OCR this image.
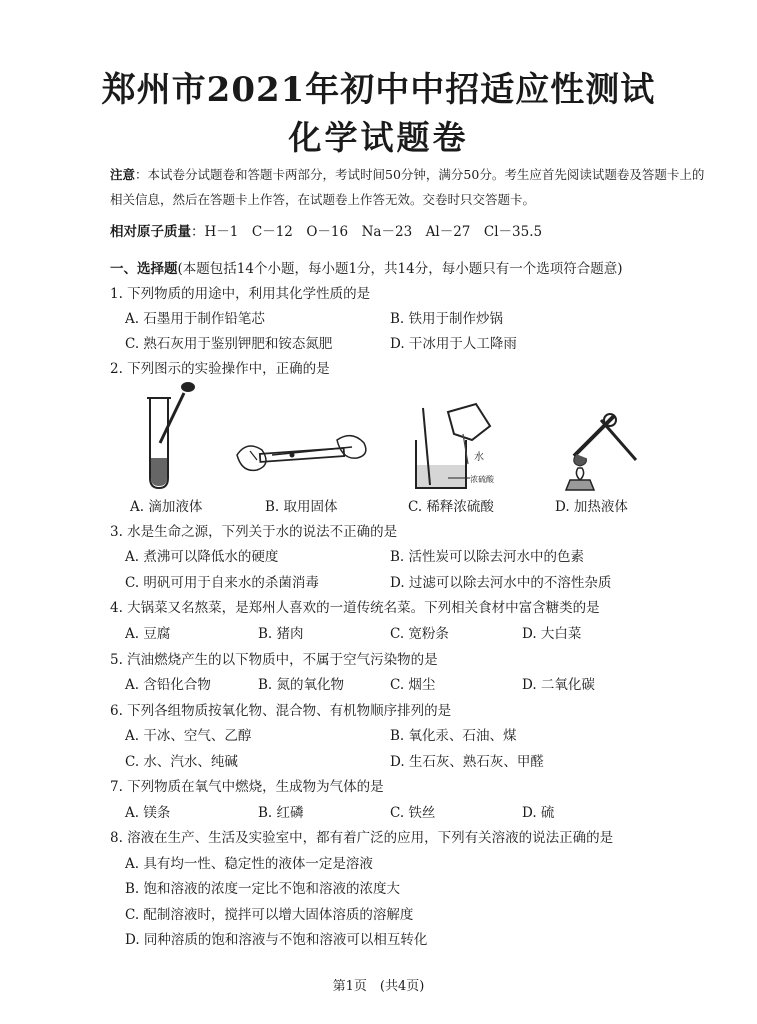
郑州市2021年初中中招适应性测试
化学试题卷
注意：本试卷分试题卷和答题卡两部分，考试时间50分钟，满分50分。考生应首先阅读试题卷及答题卡上的相关信息，然后在答题卡上作答，在试题卷上作答无效。交卷时只交答题卡。
相对原子质量：H－1　C－12　O－16　Na－23　Al－27　Cl－35.5
一、选择题(本题包括14个小题，每小题1分，共14分，每小题只有一个选项符合题意)
1. 下列物质的用途中，利用其化学性质的是
A. 石墨用于制作铅笔芯	B. 铁用于制作炒锅
C. 熟石灰用于鉴别钾肥和铵态氮肥	D. 干冰用于人工降雨
2. 下列图示的实验操作中，正确的是
水
浓硫酸
A. 滴加液体	B. 取用固体	C. 稀释浓硫酸	D. 加热液体
3. 水是生命之源，下列关于水的说法不正确的是
A. 煮沸可以降低水的硬度	B. 活性炭可以除去河水中的色素
C. 明矾可用于自来水的杀菌消毒	D. 过滤可以除去河水中的不溶性杂质
4. 大锅菜又名熬菜，是郑州人喜欢的一道传统名菜。下列相关食材中富含糖类的是
A. 豆腐	B. 猪肉	C. 宽粉条	D. 大白菜
5. 汽油燃烧产生的以下物质中，不属于空气污染物的是
A. 含铅化合物	B. 氮的氧化物	C. 烟尘	D. 二氧化碳
6. 下列各组物质按氧化物、混合物、有机物顺序排列的是
A. 干冰、空气、乙醇	B. 氧化汞、石油、煤
C. 水、汽水、纯碱	D. 生石灰、熟石灰、甲醛
7. 下列物质在氧气中燃烧，生成物为气体的是
A. 镁条	B. 红磷	C. 铁丝	D. 硫
8. 溶液在生产、生活及实验室中，都有着广泛的应用，下列有关溶液的说法正确的是
A. 具有均一性、稳定性的液体一定是溶液
B. 饱和溶液的浓度一定比不饱和溶液的浓度大
C. 配制溶液时，搅拌可以增大固体溶质的溶解度
D. 同种溶质的饱和溶液与不饱和溶液可以相互转化
第1页　(共4页)
